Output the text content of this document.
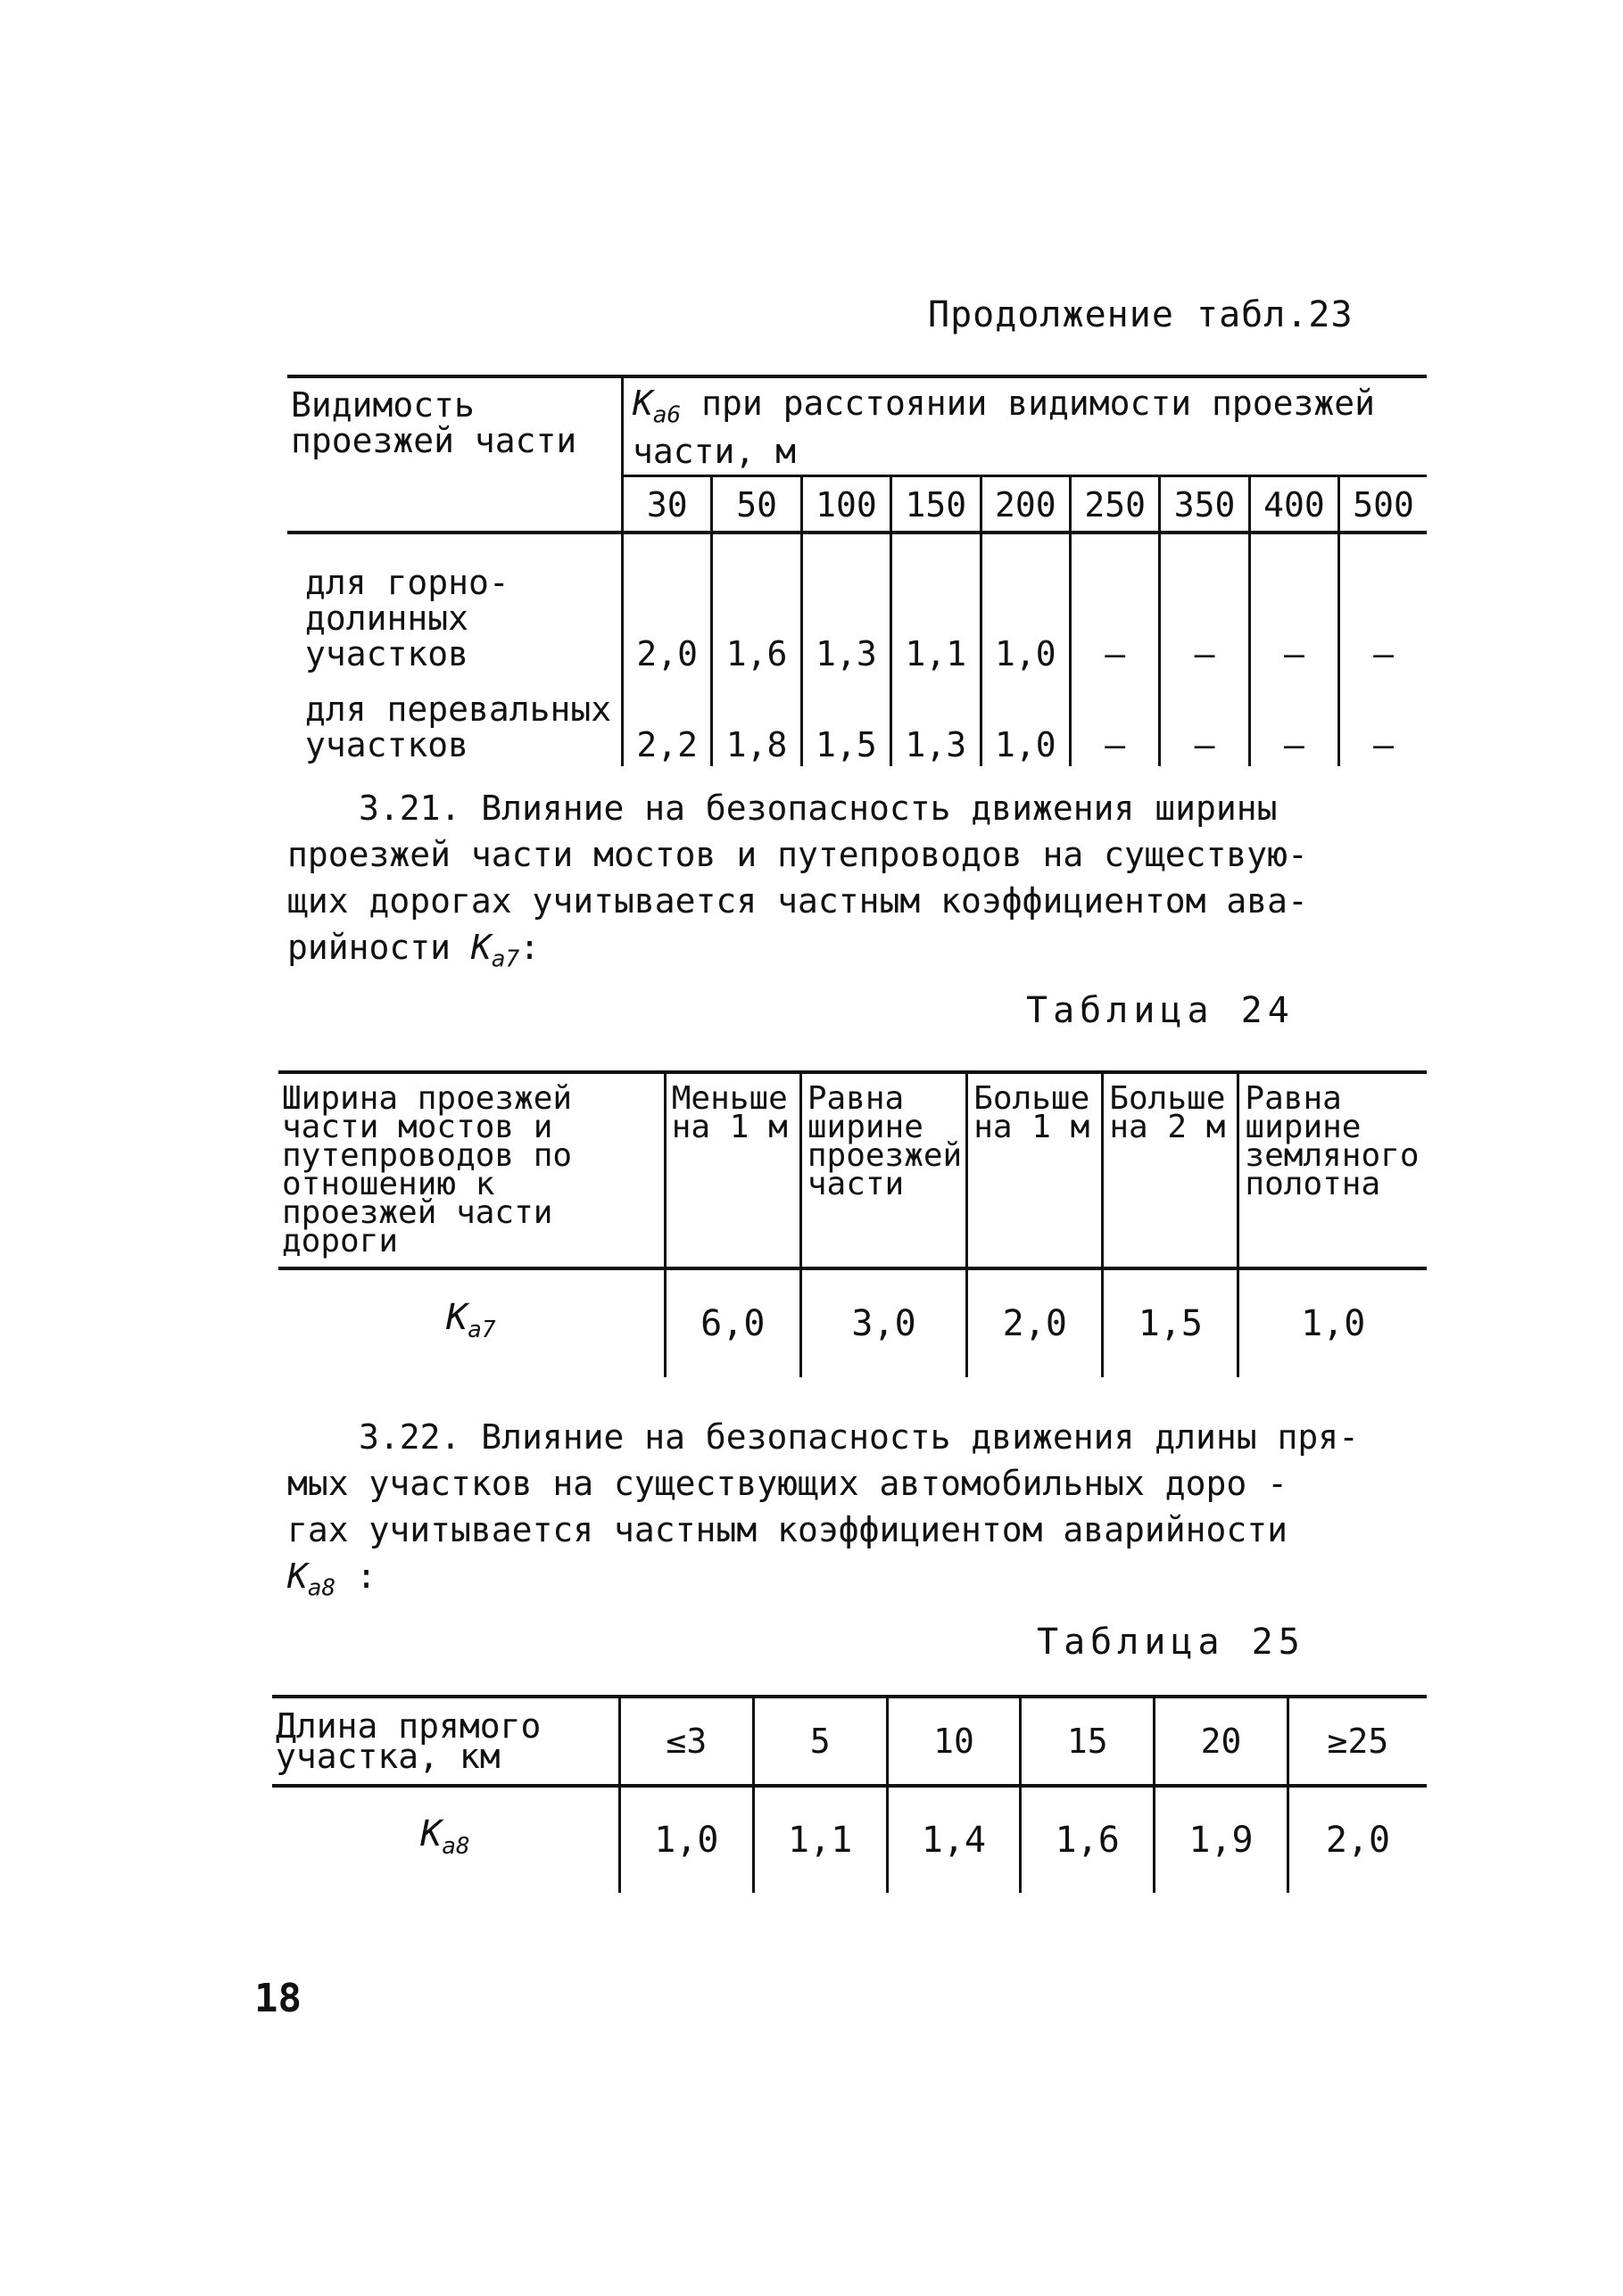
Продолжение табл.23
Видимость проезжей части	$К_{а6}$ при расстоянии видимости проезжей части, м								
	30	50	100	150	200	250	350	400	500
для горно-долинных участков	2,0	1,6	1,3	1,1	1,0	–	–	–	–
для перевальных участков	2,2	1,8	1,5	1,3	1,0	–	–	–	–
3.21. Влияние на безопасность движения ширины
проезжей части мостов и путепроводов на существую-
щих дорогах учитывается частным коэффициентом ава-
рийности $К_{а7}$:
Таблица 24
Ширина проезжей части мостов и путепроводов по отношению к проезжей части дороги	Меньше на 1 м	Равна ширине проезжей части	Больше на 1 м	Больше на 2 м	Равна ширине земляного полотна
$К_{а7}$	6,0	3,0	2,0	1,5	1,0
3.22. Влияние на безопасность движения длины пря-
мых участков на существующих автомобильных доро -
гах учитывается частным коэффициентом аварийности
$К_{а8}$ :
Таблица 25
Длина прямого участка, км	≤3	5	10	15	20	≥25
$К_{а8}$	1,0	1,1	1,4	1,6	1,9	2,0
18
